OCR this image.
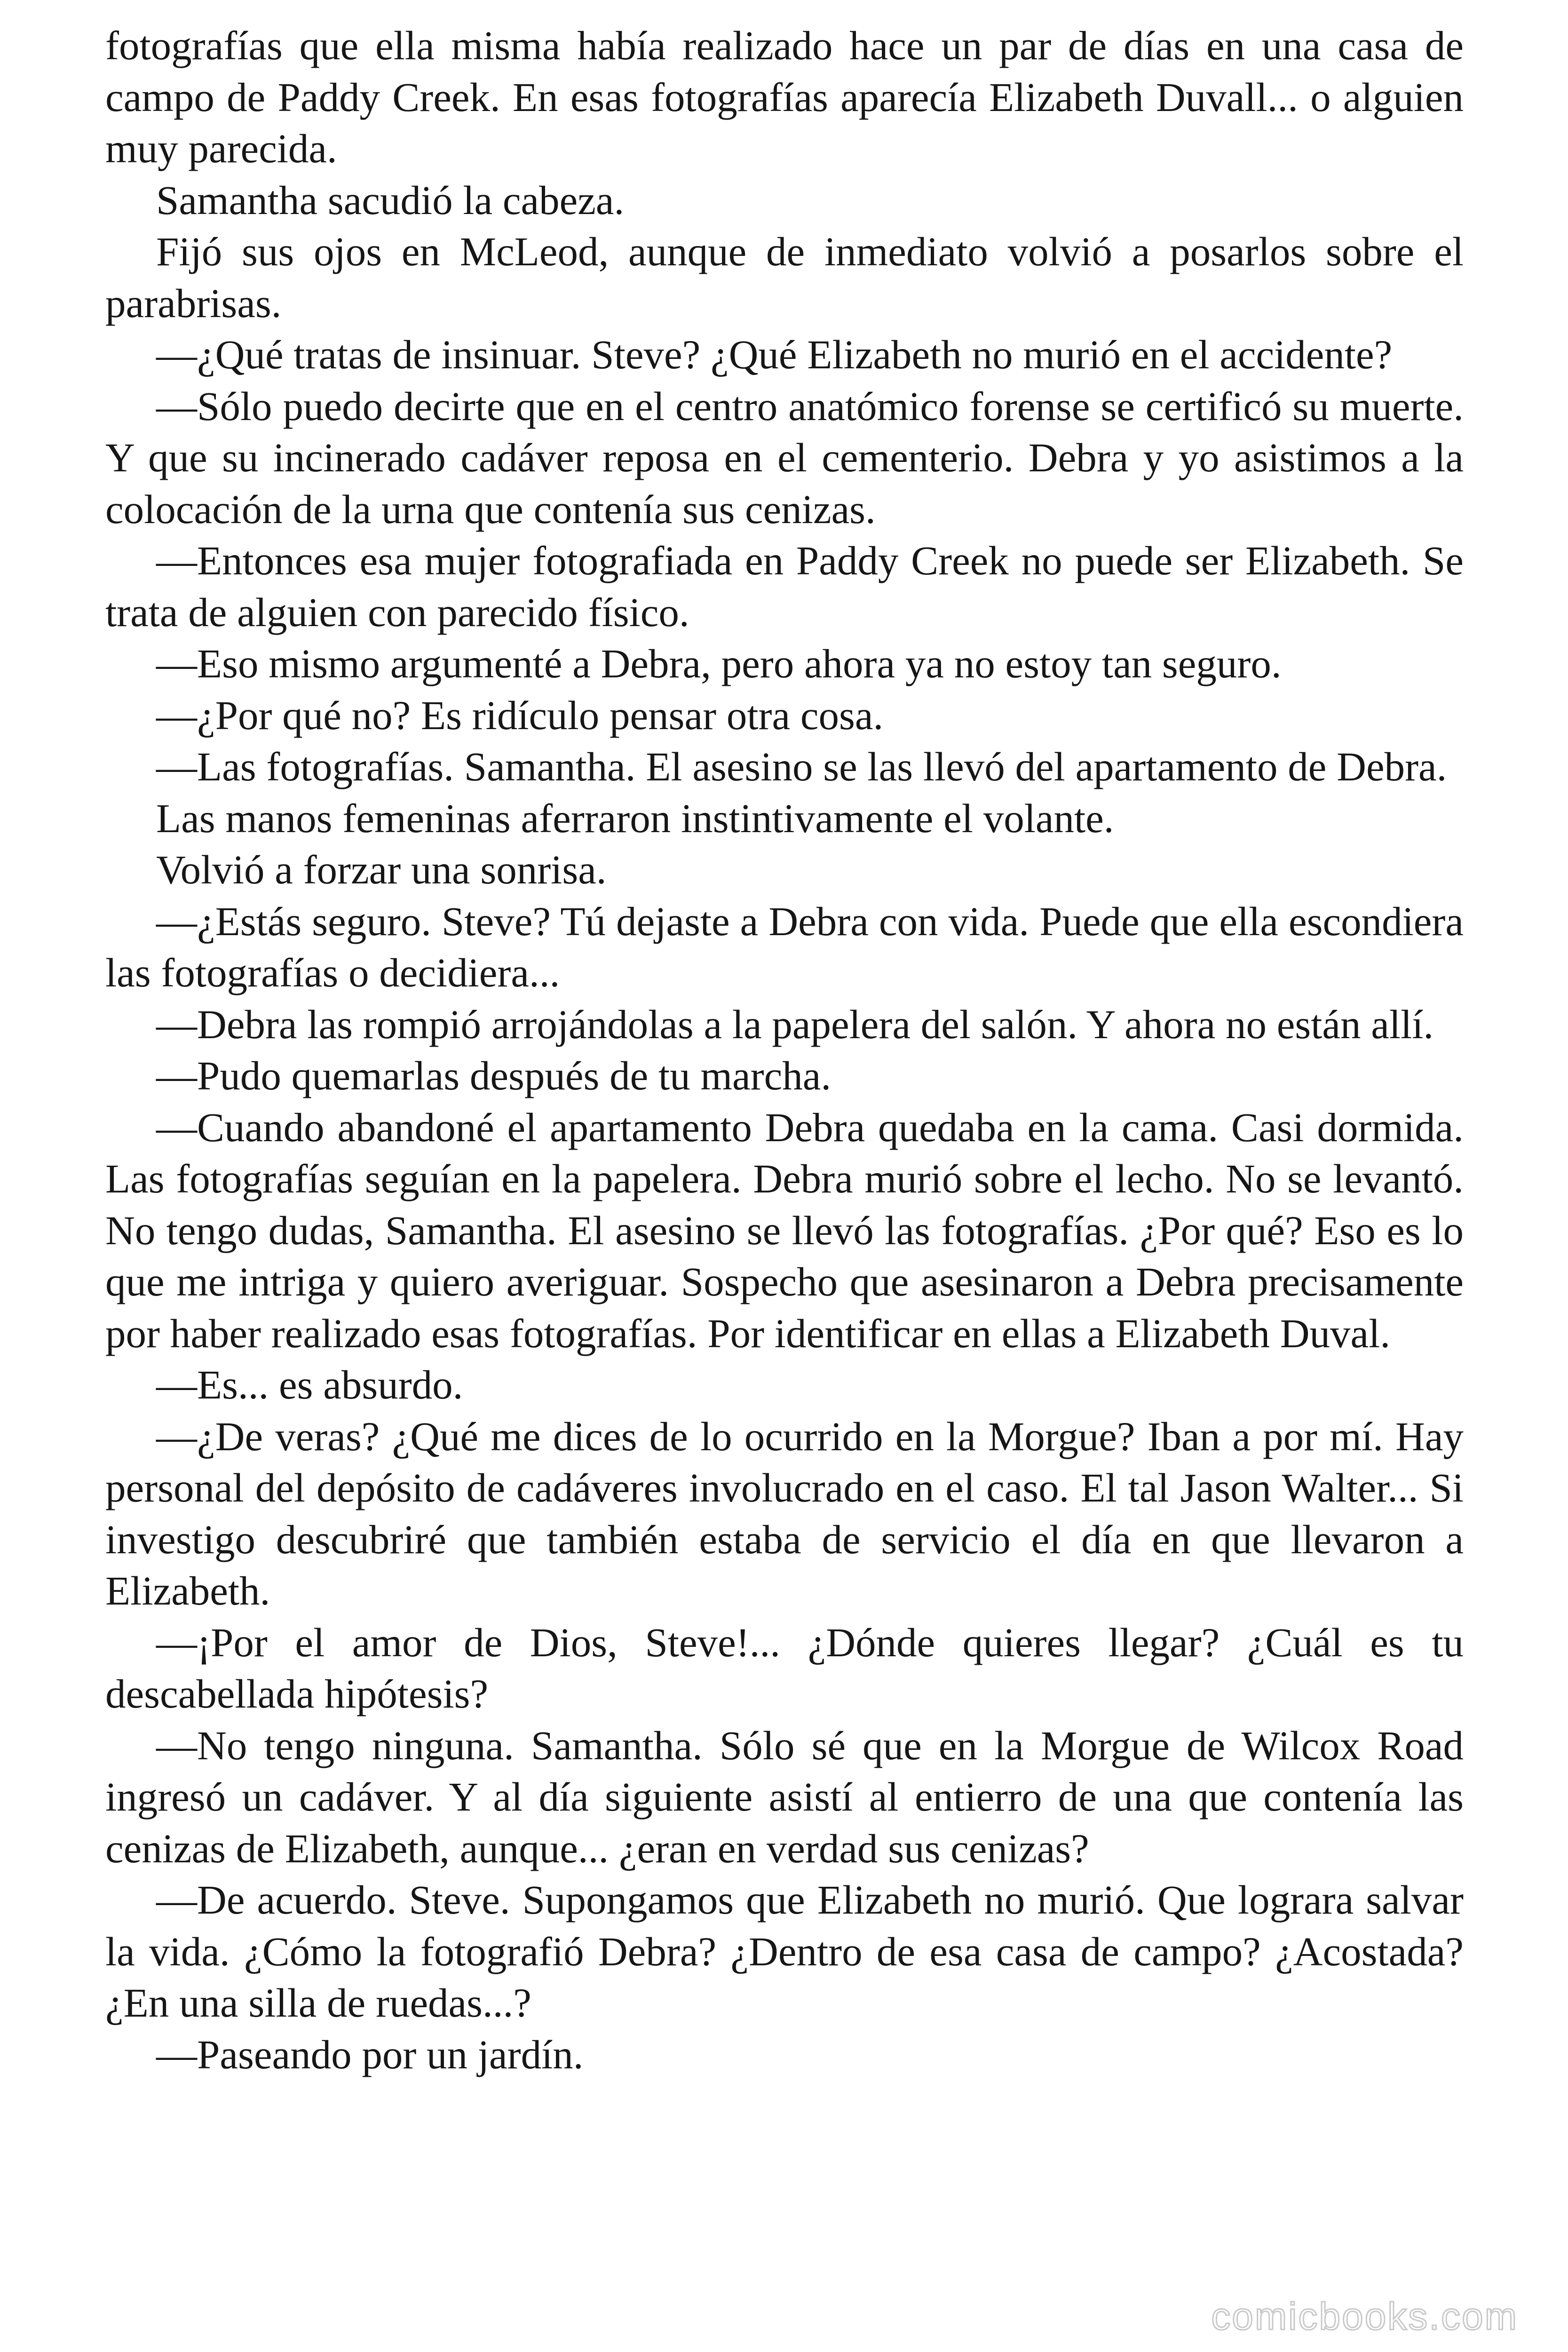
fotografías que ella misma había realizado hace un par de días en una casa de campo de Paddy Creek. En esas fotografías aparecía Elizabeth Duvall... o alguien muy parecida.

Samantha sacudió la cabeza.

Fijó sus ojos en McLeod, aunque de inmediato volvió a posarlos sobre el parabrisas.

—¿Qué tratas de insinuar. Steve? ¿Qué Elizabeth no murió en el accidente?

—Sólo puedo decirte que en el centro anatómico forense se certificó su muerte. Y que su incinerado cadáver reposa en el cementerio. Debra y yo asistimos a la colocación de la urna que contenía sus cenizas.

—Entonces esa mujer fotografiada en Paddy Creek no puede ser Elizabeth. Se trata de alguien con parecido físico.

—Eso mismo argumenté a Debra, pero ahora ya no estoy tan seguro.

—¿Por qué no? Es ridículo pensar otra cosa.

—Las fotografías. Samantha. El asesino se las llevó del apartamento de Debra.

Las manos femeninas aferraron instintivamente el volante.

Volvió a forzar una sonrisa.

—¿Estás seguro. Steve? Tú dejaste a Debra con vida. Puede que ella escondiera las fotografías o decidiera...

—Debra las rompió arrojándolas a la papelera del salón. Y ahora no están allí.

—Pudo quemarlas después de tu marcha.

—Cuando abandoné el apartamento Debra quedaba en la cama. Casi dormida. Las fotografías seguían en la papelera. Debra murió sobre el lecho. No se levantó. No tengo dudas, Samantha. El asesino se llevó las fotografías. ¿Por qué? Eso es lo que me intriga y quiero averiguar. Sospecho que asesinaron a Debra precisamente por haber realizado esas fotografías. Por identificar en ellas a Elizabeth Duval.

—Es... es absurdo.

—¿De veras? ¿Qué me dices de lo ocurrido en la Morgue? Iban a por mí. Hay personal del depósito de cadáveres involucrado en el caso. El tal Jason Walter... Si investigo descubriré que también estaba de servicio el día en que llevaron a Elizabeth.

—¡Por el amor de Dios, Steve!... ¿Dónde quieres llegar? ¿Cuál es tu descabellada hipótesis?

—No tengo ninguna. Samantha. Sólo sé que en la Morgue de Wilcox Road ingresó un cadáver. Y al día siguiente asistí al entierro de una que contenía las cenizas de Elizabeth, aunque... ¿eran en verdad sus cenizas?

—De acuerdo. Steve. Supongamos que Elizabeth no murió. Que lograra salvar la vida. ¿Cómo la fotografió Debra? ¿Dentro de esa casa de campo? ¿Acostada? ¿En una silla de ruedas...?

—Paseando por un jardín.

comicbooks.com
